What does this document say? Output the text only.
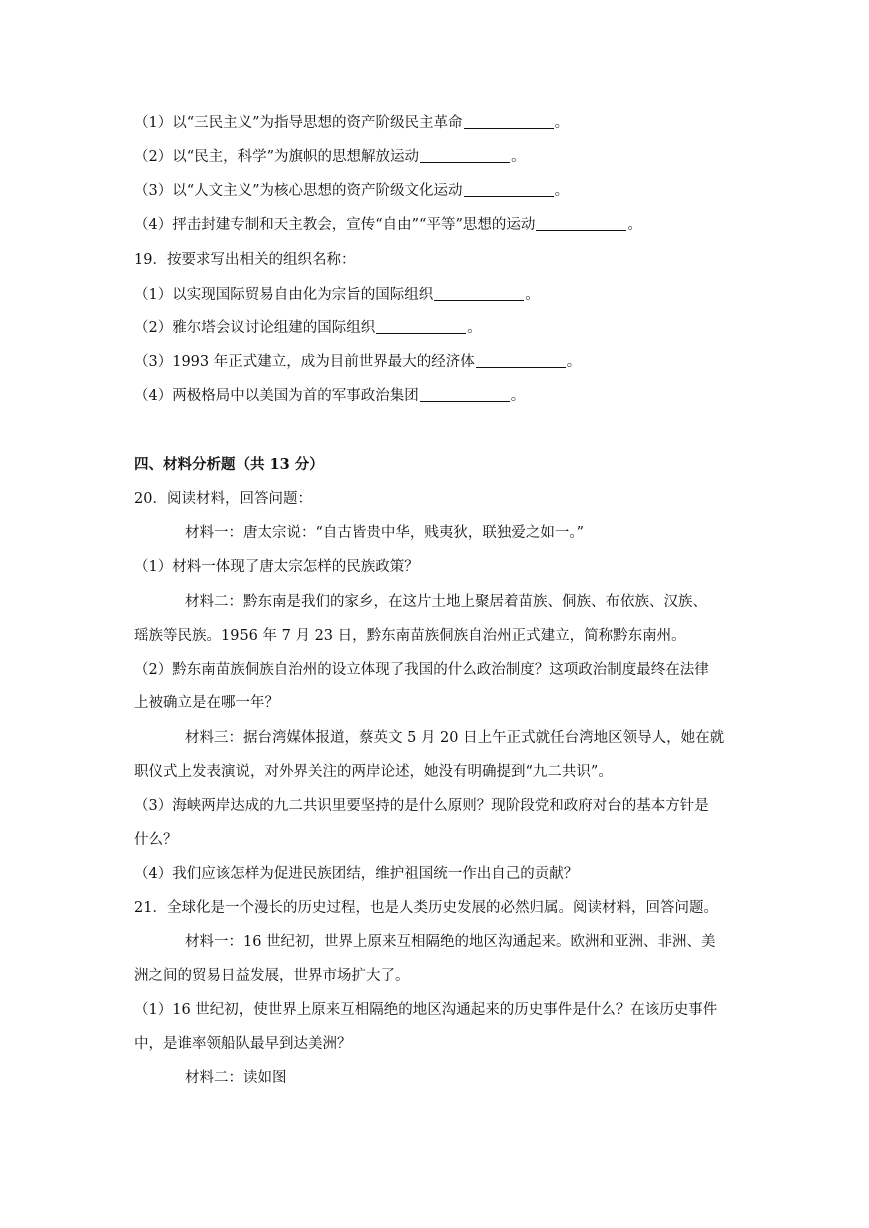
（1）以“三民主义”为指导思想的资产阶级民主革命	。
（2）以“民主，科学”为旗帜的思想解放运动	。
（3）以“人文主义”为核心思想的资产阶级文化运动	。
（4）抨击封建专制和天主教会，宣传“自由”“平等”思想的运动	。
19．按要求写出相关的组织名称：
（1）以实现国际贸易自由化为宗旨的国际组织	。
（2）雅尔塔会议讨论组建的国际组织	。
（3）1993 年正式建立，成为目前世界最大的经济体	。
（4）两极格局中以美国为首的军事政治集团	。
四、材料分析题（共 13 分）
20．阅读材料，回答问题：
材料一：唐太宗说：“自古皆贵中华，贱夷狄，联独爱之如一。”
（1）材料一体现了唐太宗怎样的民族政策？
材料二：黔东南是我们的家乡，在这片土地上聚居着苗族、侗族、布依族、汉族、
瑶族等民族。1956 年 7 月 23 日，黔东南苗族侗族自治州正式建立，简称黔东南州。
（2）黔东南苗族侗族自治州的设立体现了我国的什么政治制度？这项政治制度最终在法律
上被确立是在哪一年？
材料三：据台湾媒体报道，蔡英文 5 月 20 日上午正式就任台湾地区领导人，她在就
职仪式上发表演说，对外界关注的两岸论述，她没有明确提到“九二共识”。
（3）海峡两岸达成的九二共识里要坚持的是什么原则？现阶段党和政府对台的基本方针是
什么？
（4）我们应该怎样为促进民族团结，维护祖国统一作出自己的贡献？
21．全球化是一个漫长的历史过程，也是人类历史发展的必然归属。阅读材料，回答问题。
材料一：16 世纪初，世界上原来互相隔绝的地区沟通起来。欧洲和亚洲、非洲、美
洲之间的贸易日益发展，世界市场扩大了。
（1）16 世纪初，使世界上原来互相隔绝的地区沟通起来的历史事件是什么？在该历史事件
中，是谁率领船队最早到达美洲？
材料二：读如图
